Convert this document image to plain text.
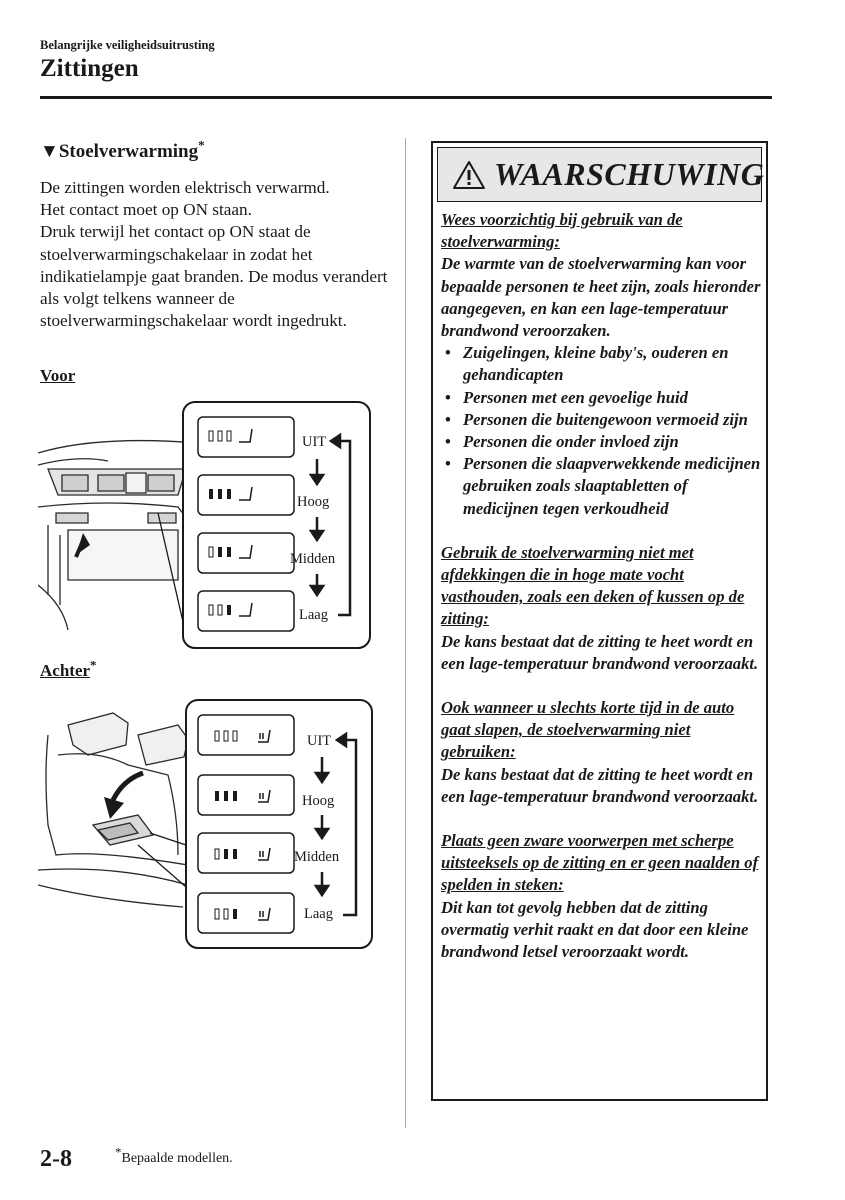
Belangrijke veiligheidsuitrusting
Zittingen
▼Stoelverwarming*

De zittingen worden elektrisch verwarmd.

Het contact moet op ON staan.

Druk terwijl het contact op ON staat de stoelverwarmingschakelaar in zodat het indikatielampje gaat branden. De modus verandert als volgt telkens wanneer de stoelverwarmingschakelaar wordt ingedrukt.

Voor
UIT
Hoog
Midden
Laag
Achter*
UIT
Hoog
Midden
Laag
WAARSCHUWING

Wees voorzichtig bij gebruik van de stoelverwarming:

De warmte van de stoelverwarming kan voor bepaalde personen te heet zijn, zoals hieronder aangegeven, en kan een lage-temperatuur brandwond veroorzaken.

• Zuigelingen, kleine baby's, ouderen en gehandicapten
• Personen met een gevoelige huid
• Personen die buitengewoon vermoeid zijn
• Personen die onder invloed zijn
• Personen die slaapverwekkende medicijnen gebruiken zoals slaaptabletten of medicijnen tegen verkoudheid

Gebruik de stoelverwarming niet met afdekkingen die in hoge mate vocht vasthouden, zoals een deken of kussen op de zitting:

De kans bestaat dat de zitting te heet wordt en een lage-temperatuur brandwond veroorzaakt.

Ook wanneer u slechts korte tijd in de auto gaat slapen, de stoelverwarming niet gebruiken:

De kans bestaat dat de zitting te heet wordt en een lage-temperatuur brandwond veroorzaakt.

Plaats geen zware voorwerpen met scherpe uitsteeksels op de zitting en er geen naalden of spelden in steken:

Dit kan tot gevolg hebben dat de zitting overmatig verhit raakt en dat door een kleine brandwond letsel veroorzaakt wordt.

2-8	*Bepaalde modellen.
